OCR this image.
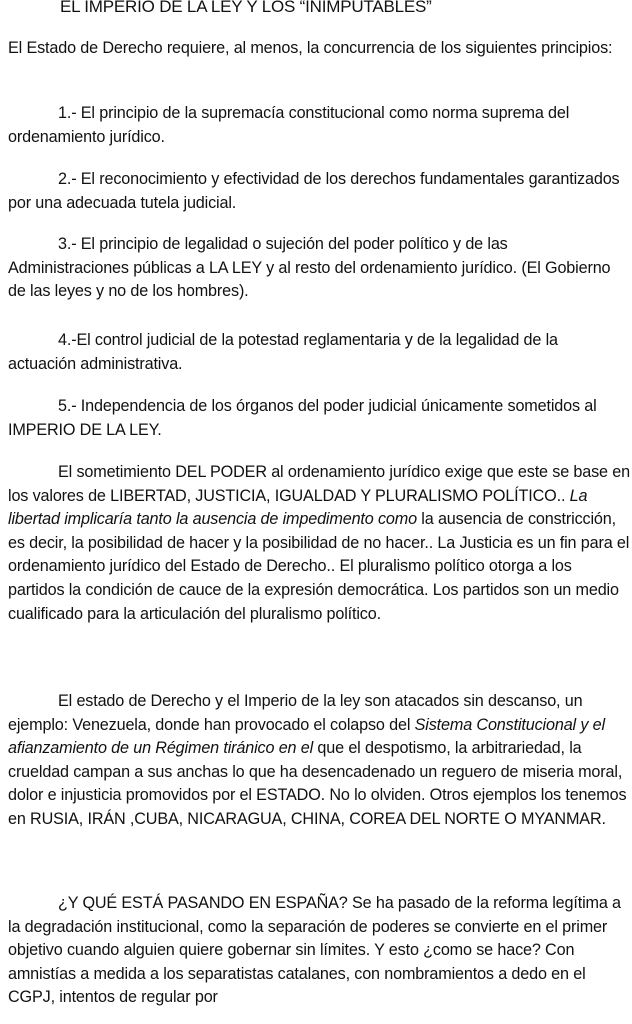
EL IMPERIO DE LA LEY Y LOS “INIMPUTABLES”

El Estado de Derecho requiere, al menos, la concurrencia de los siguientes principios:

1.- El principio de la supremacía constitucional como norma suprema del ordenamiento jurídico.

2.- El reconocimiento y efectividad de los derechos fundamentales garantizados por una adecuada tutela judicial.

3.- El principio de legalidad o sujeción del poder político y de las Administraciones públicas a LA LEY y al resto del ordenamiento jurídico. (El Gobierno de las leyes y no de los hombres).

4.-El control judicial de la potestad reglamentaria y de la legalidad de la actuación administrativa.

5.- Independencia de los órganos del poder judicial únicamente sometidos al IMPERIO DE LA LEY.

El sometimiento DEL PODER al ordenamiento jurídico exige que este se base en los valores de LIBERTAD, JUSTICIA, IGUALDAD Y PLURALISMO POLÍTICO.. La libertad implicaría tanto la ausencia de impedimento como la ausencia de constricción, es decir, la posibilidad de hacer y la posibilidad de no hacer.. La Justicia es un fin para el ordenamiento jurídico del Estado de Derecho.. El pluralismo político otorga a los partidos la condición de cauce de la expresión democrática. Los partidos son un medio cualificado para la articulación del pluralismo político.

El estado de Derecho y el Imperio de la ley son atacados sin descanso, un ejemplo: Venezuela, donde han provocado el colapso del Sistema Constitucional y el afianzamiento de un Régimen tiránico en el que el despotismo, la arbitrariedad, la crueldad campan a sus anchas lo que ha desencadenado un reguero de miseria moral, dolor e injusticia promovidos por el ESTADO. No lo olviden. Otros ejemplos los tenemos en RUSIA, IRÁN ,CUBA, NICARAGUA, CHINA, COREA DEL NORTE O MYANMAR.

¿Y QUÉ ESTÁ PASANDO EN ESPAÑA? Se ha pasado de la reforma legítima a la degradación institucional, como la separación de poderes se convierte en el primer objetivo cuando alguien quiere gobernar sin límites. Y esto ¿como se hace? Con amnistías a medida a los separatistas catalanes, con nombramientos a dedo en el CGPJ, intentos de regular por
